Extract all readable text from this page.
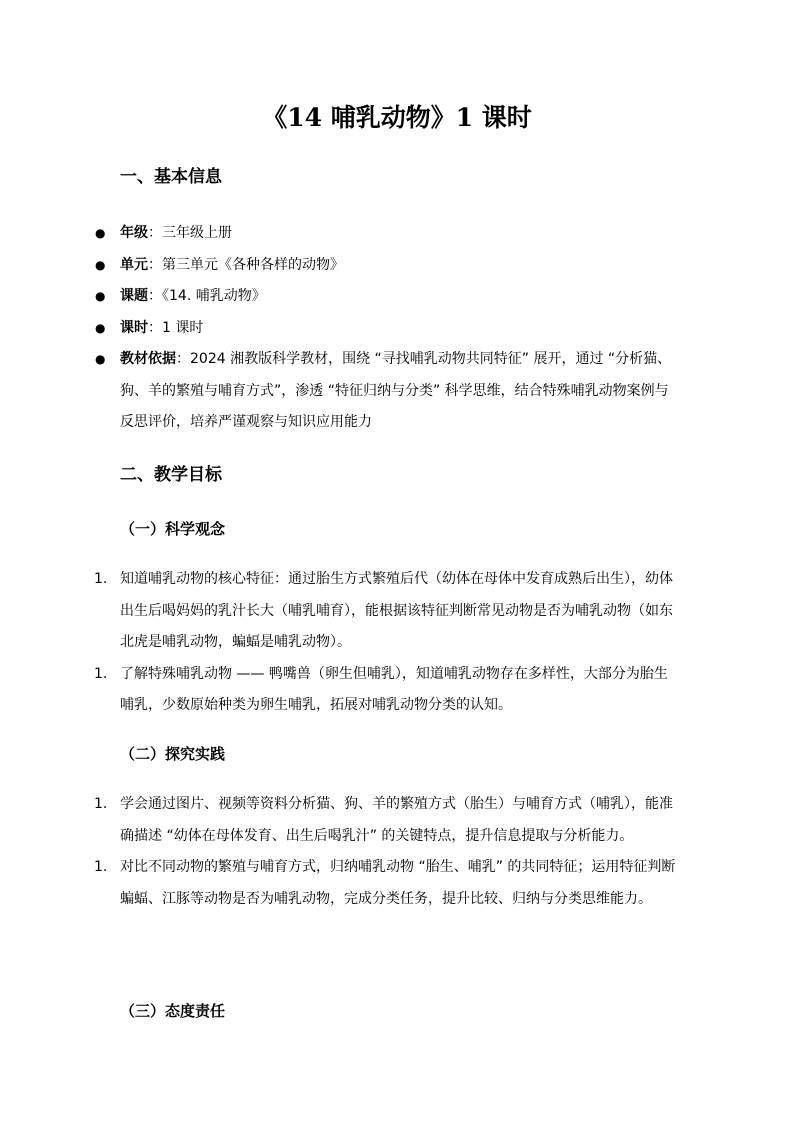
《14 哺乳动物》1 课时
一、基本信息
● 年级：三年级上册
● 单元：第三单元《各种各样的动物》
● 课题：《14. 哺乳动物》
● 课时：1 课时
● 教材依据：2024 湘教版科学教材，围绕 “寻找哺乳动物共同特征” 展开，通过 “分析猫、狗、羊的繁殖与哺育方式”，渗透 “特征归纳与分类” 科学思维，结合特殊哺乳动物案例与反思评价，培养严谨观察与知识应用能力
二、教学目标
（一）科学观念
1. 知道哺乳动物的核心特征：通过胎生方式繁殖后代（幼体在母体中发育成熟后出生），幼体出生后喝妈妈的乳汁长大（哺乳哺育），能根据该特征判断常见动物是否为哺乳动物（如东北虎是哺乳动物，蝙蝠是哺乳动物）。
1. 了解特殊哺乳动物 —— 鸭嘴兽（卵生但哺乳），知道哺乳动物存在多样性，大部分为胎生哺乳，少数原始种类为卵生哺乳，拓展对哺乳动物分类的认知。
（二）探究实践
1. 学会通过图片、视频等资料分析猫、狗、羊的繁殖方式（胎生）与哺育方式（哺乳），能准确描述 “幼体在母体发育、出生后喝乳汁” 的关键特点，提升信息提取与分析能力。
1. 对比不同动物的繁殖与哺育方式，归纳哺乳动物 “胎生、哺乳” 的共同特征；运用特征判断蝙蝠、江豚等动物是否为哺乳动物，完成分类任务，提升比较、归纳与分类思维能力。
（三）态度责任
